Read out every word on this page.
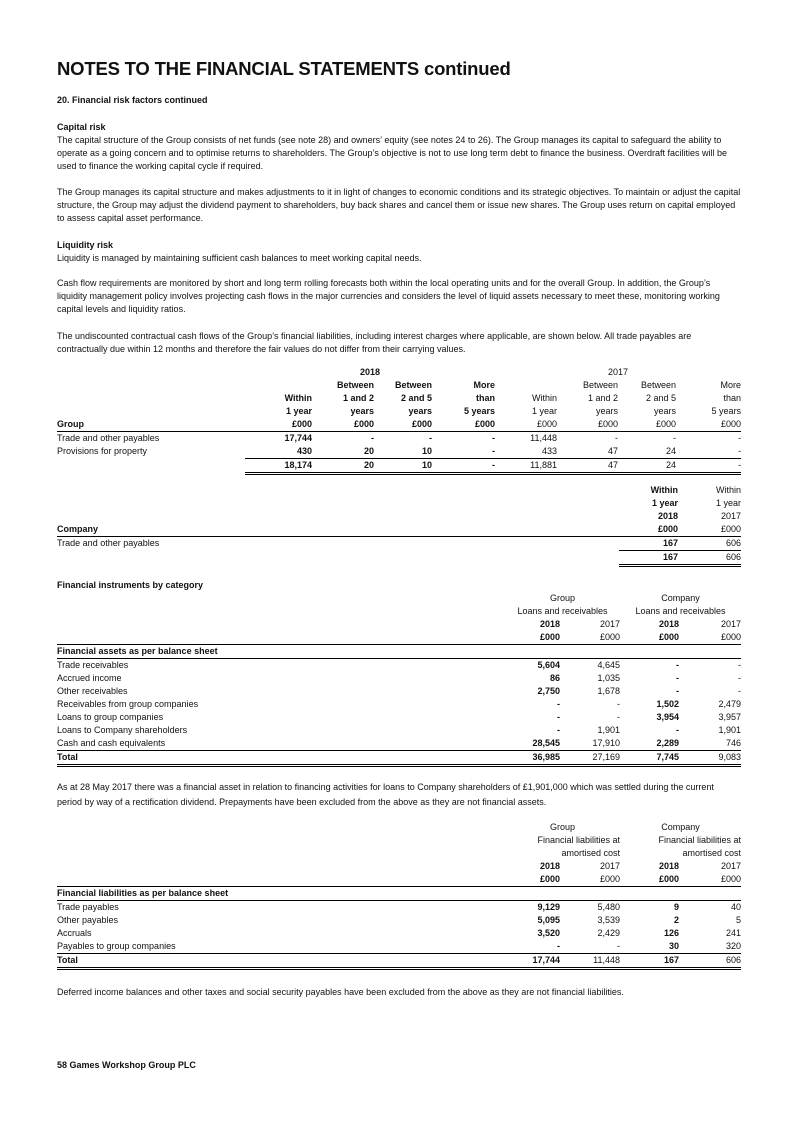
NOTES TO THE FINANCIAL STATEMENTS continued
20. Financial risk factors continued
Capital risk
The capital structure of the Group consists of net funds (see note 28) and owners’ equity (see notes 24 to 26). The Group manages its capital to safeguard the ability to operate as a going concern and to optimise returns to shareholders. The Group’s objective is not to use long term debt to finance the business. Overdraft facilities will be used to finance the working capital cycle if required.
The Group manages its capital structure and makes adjustments to it in light of changes to economic conditions and its strategic objectives. To maintain or adjust the capital structure, the Group may adjust the dividend payment to shareholders, buy back shares and cancel them or issue new shares. The Group uses return on capital employed to assess capital asset performance.
Liquidity risk
Liquidity is managed by maintaining sufficient cash balances to meet working capital needs.
Cash flow requirements are monitored by short and long term rolling forecasts both within the local operating units and for the overall Group. In addition, the Group’s liquidity management policy involves projecting cash flows in the major currencies and considers the level of liquid assets necessary to meet these, monitoring working capital levels and liquidity ratios.
The undiscounted contractual cash flows of the Group’s financial liabilities, including interest charges where applicable, are shown below. All trade payables are contractually due within 12 months and therefore the fair values do not differ from their carrying values.
	2018				2017			
		Between	Between	More		Between	Between	More
	Within	1 and 2	2 and 5	than	Within	1 and 2	2 and 5	than
	1 year	years	years	5 years	1 year	years	years	5 years
Group	£000	£000	£000	£000	£000	£000	£000	£000
Trade and other payables	17,744	-	-	-	11,448	-	-	-
Provisions for property	430	20	10	-	433	47	24	-
	18,174	20	10	-	11,881	47	24	-
	Within	Within
	1 year	1 year
	2018	2017
Company	£000	£000
Trade and other payables	167	606
	167	606
Financial instruments by category
	Group		Company	
	Loans and receivables		Loans and receivables	
	2018	2017	2018	2017
	£000	£000	£000	£000
Financial assets as per balance sheet				
Trade receivables	5,604	4,645	-	-
Accrued income	86	1,035	-	-
Other receivables	2,750	1,678	-	-
Receivables from group companies	-	-	1,502	2,479
Loans to group companies	-	-	3,954	3,957
Loans to Company shareholders	-	1,901	-	1,901
Cash and cash equivalents	28,545	17,910	2,289	746
Total	36,985	27,169	7,745	9,083
As at 28 May 2017 there was a financial asset in relation to financing activities for loans to Company shareholders of £1,901,000 which was settled during the current period by way of a rectification dividend. Prepayments have been excluded from the above as they are not financial assets.
	Group		Company	
	Financial liabilities at		Financial liabilities at	
	amortised cost		amortised cost	
	2018	2017	2018	2017
	£000	£000	£000	£000
Financial liabilities as per balance sheet				
Trade payables	9,129	5,480	9	40
Other payables	5,095	3,539	2	5
Accruals	3,520	2,429	126	241
Payables to group companies	-	-	30	320
Total	17,744	11,448	167	606
Deferred income balances and other taxes and social security payables have been excluded from the above as they are not financial liabilities.
58 Games Workshop Group PLC
